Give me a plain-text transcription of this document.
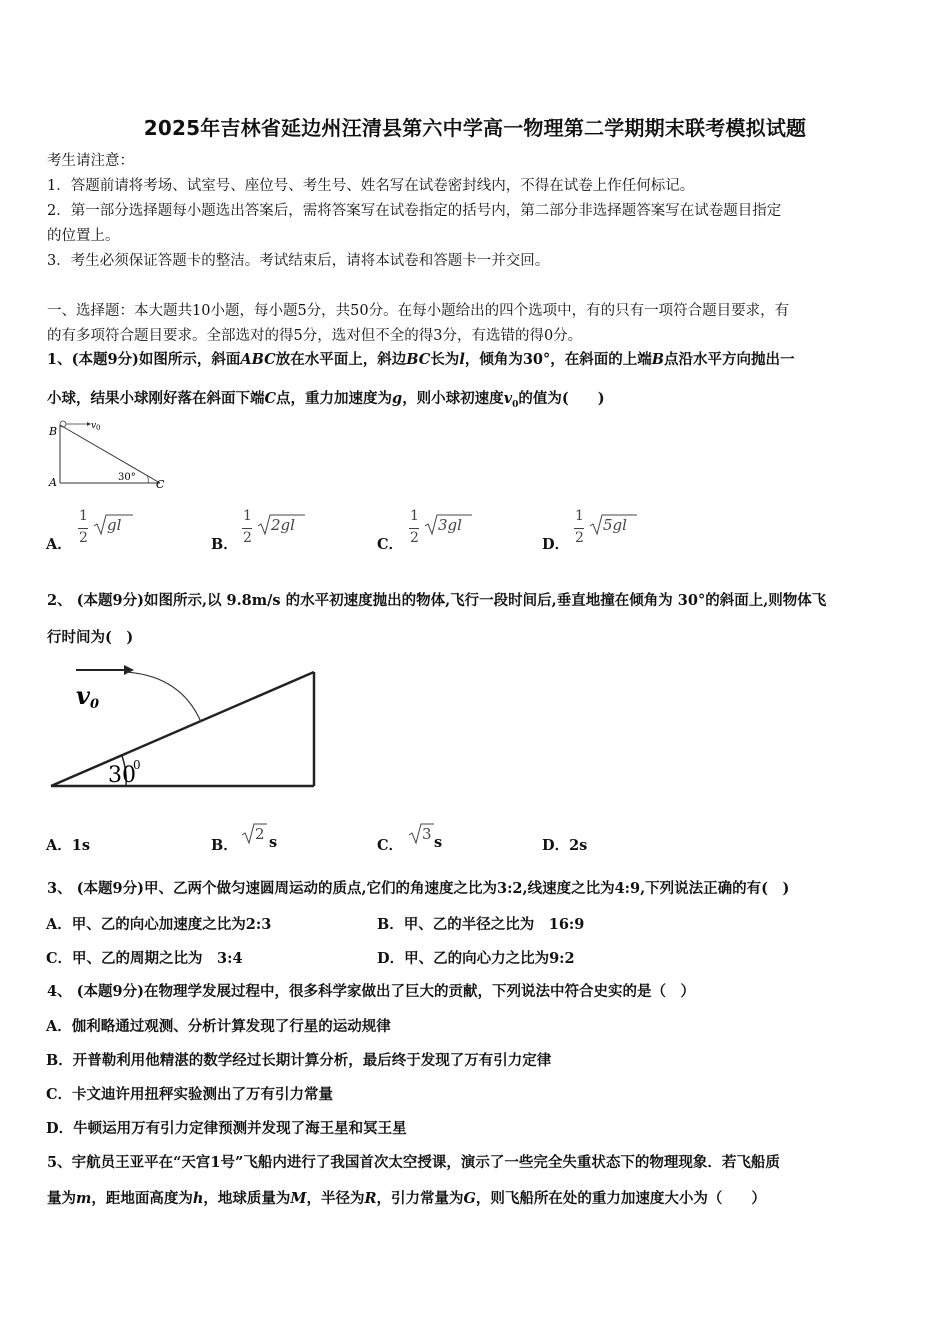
2025年吉林省延边州汪清县第六中学高一物理第二学期期末联考模拟试题
考生请注意：
1．答题前请将考场、试室号、座位号、考生号、姓名写在试卷密封线内，不得在试卷上作任何标记。
2．第一部分选择题每小题选出答案后，需将答案写在试卷指定的括号内，第二部分非选择题答案写在试卷题目指定
的位置上。
3．考生必须保证答题卡的整洁。考试结束后，请将本试卷和答题卡一并交回。
一、选择题：本大题共10小题，每小题5分，共50分。在每小题给出的四个选项中，有的只有一项符合题目要求，有
的有多项符合题目要求。全部选对的得5分，选对但不全的得3分，有选错的得0分。
1、(本题9分)如图所示，斜面ABC放在水平面上，斜边BC长为l，倾角为30°，在斜面的上端B点沿水平方向抛出一
小球，结果小球刚好落在斜面下端C点，重力加速度为g，则小球初速度$v_0$的值为(　　)
B
A	C
v 0
30°
A．
1
2
gl
B．
1
2
2gl
C．
1
2
3gl
D．
1
2
5gl
2、 (本题9分)如图所示,以 9.8m/s 的水平初速度抛出的物体,飞行一段时间后,垂直地撞在倾角为 30°的斜面上,则物体飞
行时间为(　)
v 0
30
0
A．1s	B．
2 s	C．
3 s	D．2s
3、 (本题9分)甲、乙两个做匀速圆周运动的质点,它们的角速度之比为3:2,线速度之比为4:9,下列说法正确的有(　)
A．甲、乙的向心加速度之比为2:3	B．甲、乙的半径之比为　16:9
C．甲、乙的周期之比为　3:4	D．甲、乙的向心力之比为9:2
4、 (本题9分)在物理学发展过程中，很多科学家做出了巨大的贡献，下列说法中符合史实的是（　）
A．伽利略通过观测、分析计算发现了行星的运动规律
B．开普勒利用他精湛的数学经过长期计算分析，最后终于发现了万有引力定律
C．卡文迪许用扭秤实验测出了万有引力常量
D．牛顿运用万有引力定律预测并发现了海王星和冥王星
5、宇航员王亚平在“天宫1号”飞船内进行了我国首次太空授课，演示了一些完全失重状态下的物理现象．若飞船质
量为m，距地面高度为h，地球质量为M，半径为R，引力常量为G，则飞船所在处的重力加速度大小为（　　）
